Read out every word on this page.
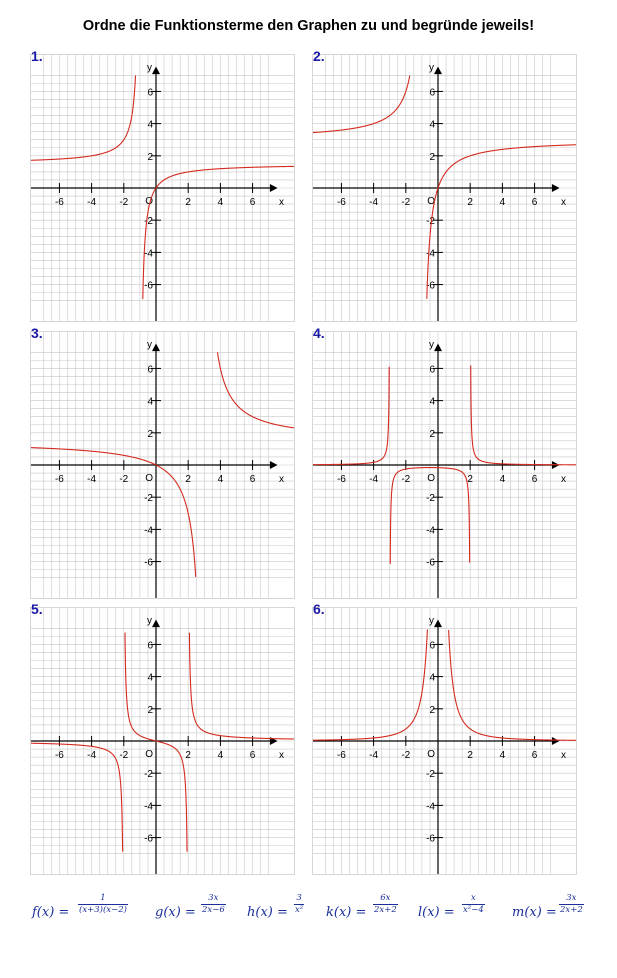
Ordne die Funktionsterme den Graphen zu und begründe jeweils!
-6 -4 -2	2	4	6
6
4
2
-2
-4
-6
x
y
O
1.
-6 -4 -2	2	4	6
6
4
2
-2
-4
-6
x
y
O
2.
-6 -4 -2	2	4	6
6
4
2
-2
-4
-6
x
y
O
3.
-6 -4 -2	2	4	6
6
4
2
-2
-4
-6
x
y
O
4.
-6 -4 -2	2	4	6
6
4
2
-2
-4
-6
x
y
O
5.
-6 -4 -2	2	4	6
6
4
2
-2
-4
-6
x
y
O
6.
$f(x) = \frac{1}{(x+3)(x-2)} g(x) = \frac{3x}{2x-6} h(x) = \frac{3}{\text{x²}} k(x) = \frac{6x}{2x+2} l(x) = \frac{x}{\text{x²−4}} m(x) = \frac{3x}{2x+2}$
